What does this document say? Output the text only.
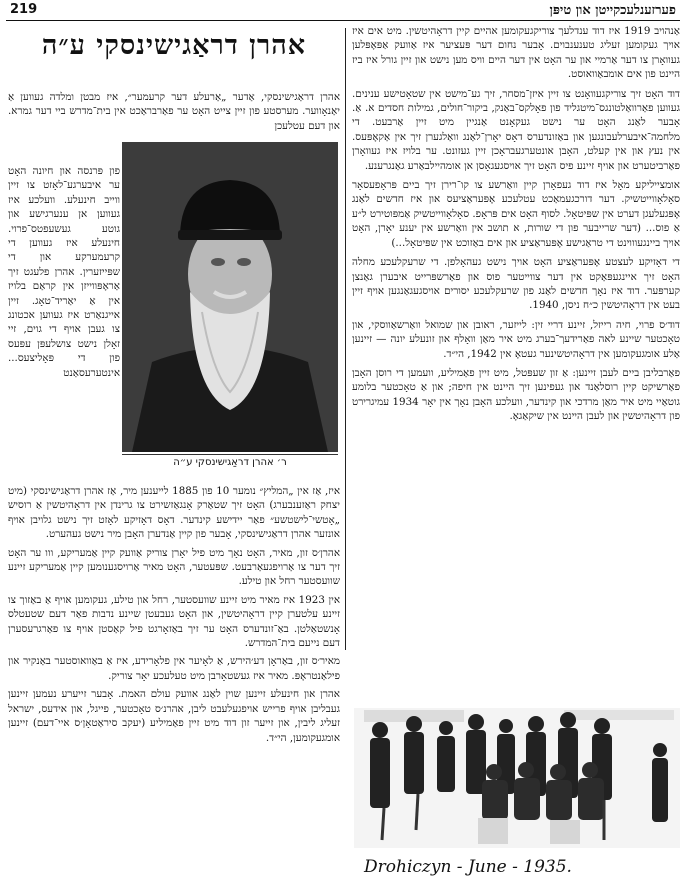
219	פערזענלעכקייטן און טיפּן

אַנהויב 1919 איז דוד ענדלעך צוריקגעקומען אהיים קיין דראָהיטשין. מיט אים איז אויך געקומען זעליג טענענבוים. אָבער נחום דער פּעציער איז אַוועק אַפּאָפּלען געוואָרן צו דער אַרמיי און ער האָט אין דער היים וויס מען נישט און זיין גורל איז ביז היינט פון אים אומבאַוואוסט.

דוד האָט זיך צוריקגעוואָנט צו זיין איזן־מסחר, זיך גע־מישט אין שטאָטישע ענינים. געווען פאַרוואַלטונגס־מיטגליד פון פאָלקס־באַנק, ביקור־חולים, גמילות חסדים א. אַ. אָבער לאַנג האָט ער נישט געקאָנט אַנגיין מיט זיין אַרבעט. די מלחמה־איבערלעבונגען און באַזונדערס דאָס יאָרן־לאַנג וואַלגערן זיך אין אַקאָפּעס. אין נעץ און אין קעלט, האָבן אונטערגעבראָכן זיין געזונט. ער בלויז איז געוואָרן פאַרביטערט און אויף זיינע פיס האָט זיך אויסגעגאָסן אן אומהיילבאַרע גאַנגרענע.

אומצייליקע מאָל איז דוד געפאָרן קיין וואַרשע צו קו־רירן זיך ביים פּראָפעסאָר סאָלאָווייטשיק. דער דורכגעמאַכט עטלעכע אָפּעראַציעס און איז חדשים לאַנג אָפּגעלעגן דערט אין שפּיטאָל. לסוף האָט אים פּראָפ. סאָלאָווייטשיק אַמפּוטירט ל״ע אַ פוס... (דער שרייבער פון די שורות, א תושב אין וואַרשע אין יענע יאָרן, האָט אויך ביינגעוווינט די טראַגישע אָפּעראַציע און אים באַזוכט אין שפּיטאָל...)

די דאָזיקע לעצטע אָפּעראַציע האָט אויך נישט געהאָלפן. די שרעקלעכע מחלה האָט זיך איינגעפּאַקט אין דער צווייטער פוס און פאַרשפּרייט איבערן גאַנצן קערפּער. דוד איז נאָך חדשים לאַנג פון שרעקלעכע יסורים אויסגעגאַנגען אויף זיין בעט אין דראָהיטשין כ״ח ניסן, 1940.

דוד׳ס פרוי, חיה רייזל, זיינע דריי זין: לייזער, ראובן און שמואל וואַרשאַווסקי, און טאָכטער שיינע לאה פאַרידעך־בערג מיט איר מאַן וואָלף און זונעלע יונה — זיינען אַלע אומגעקומען אין דראָהיטשינער געטאָ אין 1942, הי״ד.

פאַרבליבן ביים לעבן זיינען: אַ זון שעפּטל, מיט זיין פאַמיליע, וועמען די רוסן האָבן פאַרשיקט קיין רוסלאַנד און געפינען זיך היינט אין חיפה; און אַ טאָכטער בלומע גוטאַיי מיט איר מאַן מרדכי און קינדער, וועלכע האָבן נאָך אין יאָר 1934 עמיגרירט פון דראָהיטשין און לעבן היינט אין שיקאַגאָ.

אהרן דראַגישינסקי ע״ה
אהרן דראַגישינסקי, אַדער „אַרעלע דער קרעמער״, איז מבטן ומלדה געווען אַ יאַנאָווער. מערסטע פון זיין צייט האָט ער פאַרבראַכט אין בית־מדרש ביי דער גמרא. און דעם עטלעכן
פון פּרנסה און חיונה האָט ער איבערגע־לאָזט צו זיין ווייב חינעלע. וועלכע איז געווען אן ענערגישע און גוטע געשעפטס־פרוי. חינעלע איז געווען די קרעמערקע און די שפּייזערין. אהרן פלעגט זיך אַראָפּווייזן אין קראַם בלויז אין אַ יאַריד־טאָג. זיין אייגנאַרט איז געווען אכטונג צו געבן אויף די גוים, זיי זאָלן נישט צושלעפּן עפּעס פון די פּאָליצעס... אינטערעסאַנט
ר׳ אהרן דראַגישינסקי ע״ה

איז, אַז אין „המליץ״ נומער 10 פון 1885 לייענען מיר, אַז אהרן דראַגישינסקי (מיט יצחק ראַזענבערג) האָט זיך שטאַרק אָנגאַזשירט צו גרינדן אין דראָהיטשין אַ רוסיש „אָטשי־לישטשע״ פאַר יידישע קינדער. דאָס דאָזיקע לאָזט זיך נישט גלויבן אויף אונזער אהרן דראַגישינסקי, אָבער פון קיין אַנדערן האָבן מיר נישט געהערט.

אהרן׳ס זון, מאיר, האָט נאָך מיט פיל יאָרן צוריק אַוועק קיין אַמעריקע, ווו ער האָט זיך דער צו אַרויפגעאַרבעט. שפּעטער, האָט מאיר אַרויסגענומען קיין אַמעריקע זיינע שוועסטער רחל און טילע.

אין 1923 איז מאיר מיט זיינע שוועסטער, רחל און טילע, געקומען אויף אַ באַזוך צו זיינע עלטערן קיין דראָהיטשין, און האָט געבעטן שיינע נדבות פאַר דעם שטעטלס אָנשטאַלטן. באַ־זונדערס האָט ער זיך באַזאָרגט פיל קאַסטן אויף צו פאַרגרעסערן דעם נייעם בית־המדרש.

מאיר׳ס זון, באַראָן דע׳הירש, אַ לאָיער אין פלאָרידע, איז אַ באַוואוסטער באַנקיר און פילאַנטראָפּ. מאיר איז געשטאָרבן מיט טעלעכע יאָר צוריק.

אהרן און חינעלע זיינען שוין לאַנג אוועק עולם האמת. אָבער זייערע נעמען זיינען געבליבן אויף פרייש אויפגעלעבט ליבן, אהרנ׳ס טאָכטער, פייגל, און אידעס, ישראל זעליג ליבין, און זייער זון דוד מיט זיין פאַמיליע (יעקב סיראַטאָן׳ס איי־דעם) זיינען אומגעקומען, הי״ד.

Drohiczyn - June - 1935.
